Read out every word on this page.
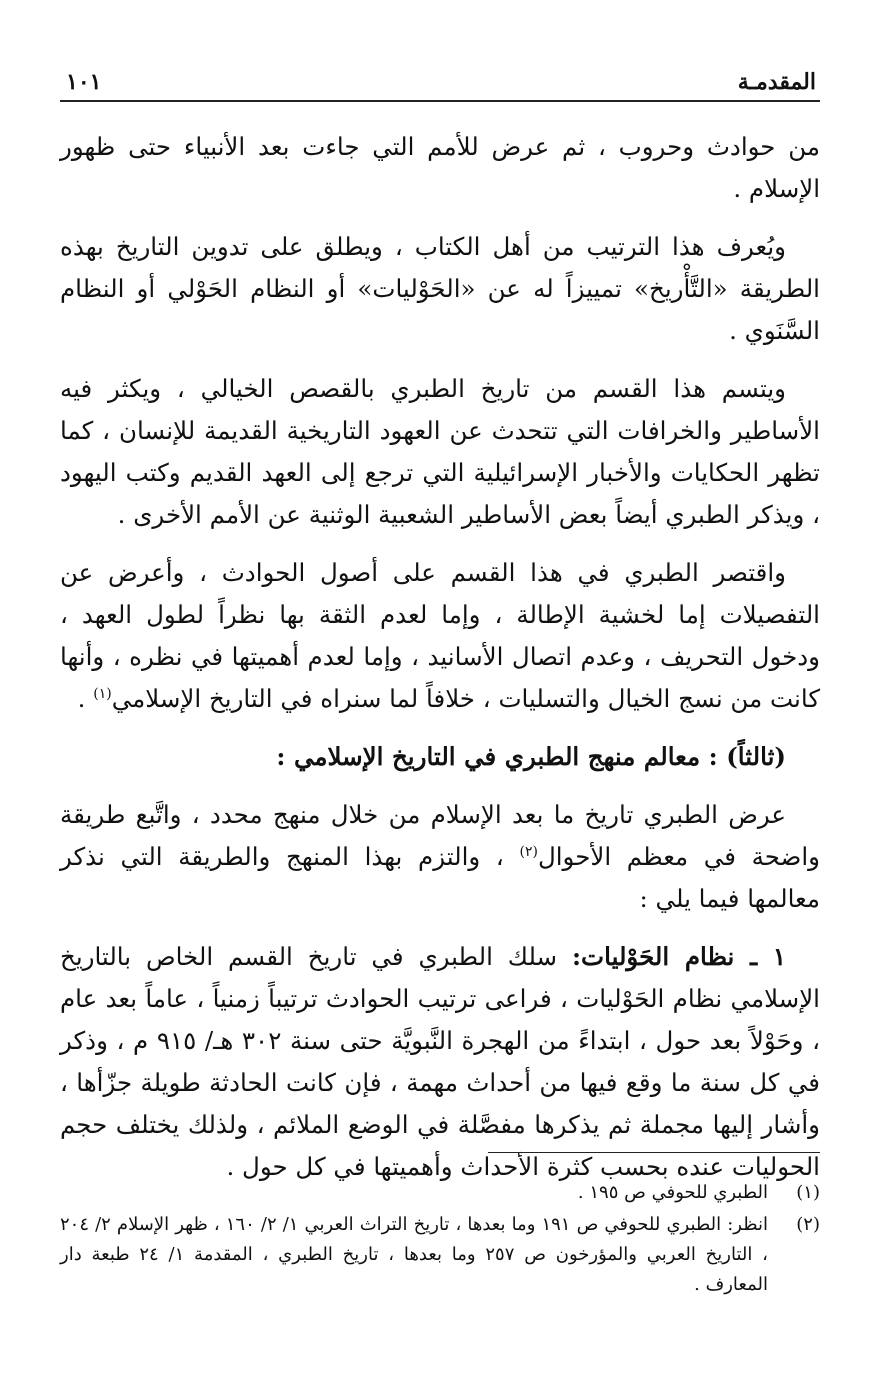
المقدمـة
١٠١

من حوادث وحروب ، ثم عرض للأمم التي جاءت بعد الأنبياء حتى ظهور الإسلام .

ويُعرف هذا الترتيب من أهل الكتاب ، ويطلق على تدوين التاريخ بهذه الطريقة «التَّأْريخ» تمييزاً له عن «الحَوْليات» أو النظام الحَوْلي أو النظام السَّنَوي .

ويتسم هذا القسم من تاريخ الطبري بالقصص الخيالي ، ويكثر فيه الأساطير والخرافات التي تتحدث عن العهود التاريخية القديمة للإنسان ، كما تظهر الحكايات والأخبار الإسرائيلية التي ترجع إلى العهد القديم وكتب اليهود ، ويذكر الطبري أيضاً بعض الأساطير الشعبية الوثنية عن الأمم الأخرى .

واقتصر الطبري في هذا القسم على أصول الحوادث ، وأعرض عن التفصيلات إما لخشية الإطالة ، وإما لعدم الثقة بها نظراً لطول العهد ، ودخول التحريف ، وعدم اتصال الأسانيد ، وإما لعدم أهميتها في نظره ، وأنها كانت من نسج الخيال والتسليات ، خلافاً لما سنراه في التاريخ الإسلامي$^{(١)}$ .

(ثالثاً) : معالم منهج الطبري في التاريخ الإسلامي :

عرض الطبري تاريخ ما بعد الإسلام من خلال منهج محدد ، واتَّبع طريقة واضحة في معظم الأحوال$^{(٢)}$ ، والتزم بهذا المنهج والطريقة التي نذكر معالمها فيما يلي :

١ ـ نظام الحَوْليات: سلك الطبري في تاريخ القسم الخاص بالتاريخ الإسلامي نظام الحَوْليات ، فراعى ترتيب الحوادث ترتيباً زمنياً ، عاماً بعد عام ، وحَوْلاً بعد حول ، ابتداءً من الهجرة النَّبويَّة حتى سنة ٣٠٢ هـ/ ٩١٥ م ، وذكر في كل سنة ما وقع فيها من أحداث مهمة ، فإن كانت الحادثة طويلة جزّأها ، وأشار إليها مجملة ثم يذكرها مفصَّلة في الوضع الملائم ، ولذلك يختلف حجم الحوليات عنده بحسب كثرة الأحداث وأهميتها في كل حول .

(١)
الطبري للحوفي ص ١٩٥ .
(٢)
انظر: الطبري للحوفي ص ١٩١ وما بعدها ، تاريخ التراث العربي ١/ ٢/ ١٦٠ ، ظهر الإسلام ٢/ ٢٠٤ ، التاريخ العربي والمؤرخون ص ٢٥٧ وما بعدها ، تاريخ الطبري ، المقدمة ١/ ٢٤ طبعة دار المعارف .
